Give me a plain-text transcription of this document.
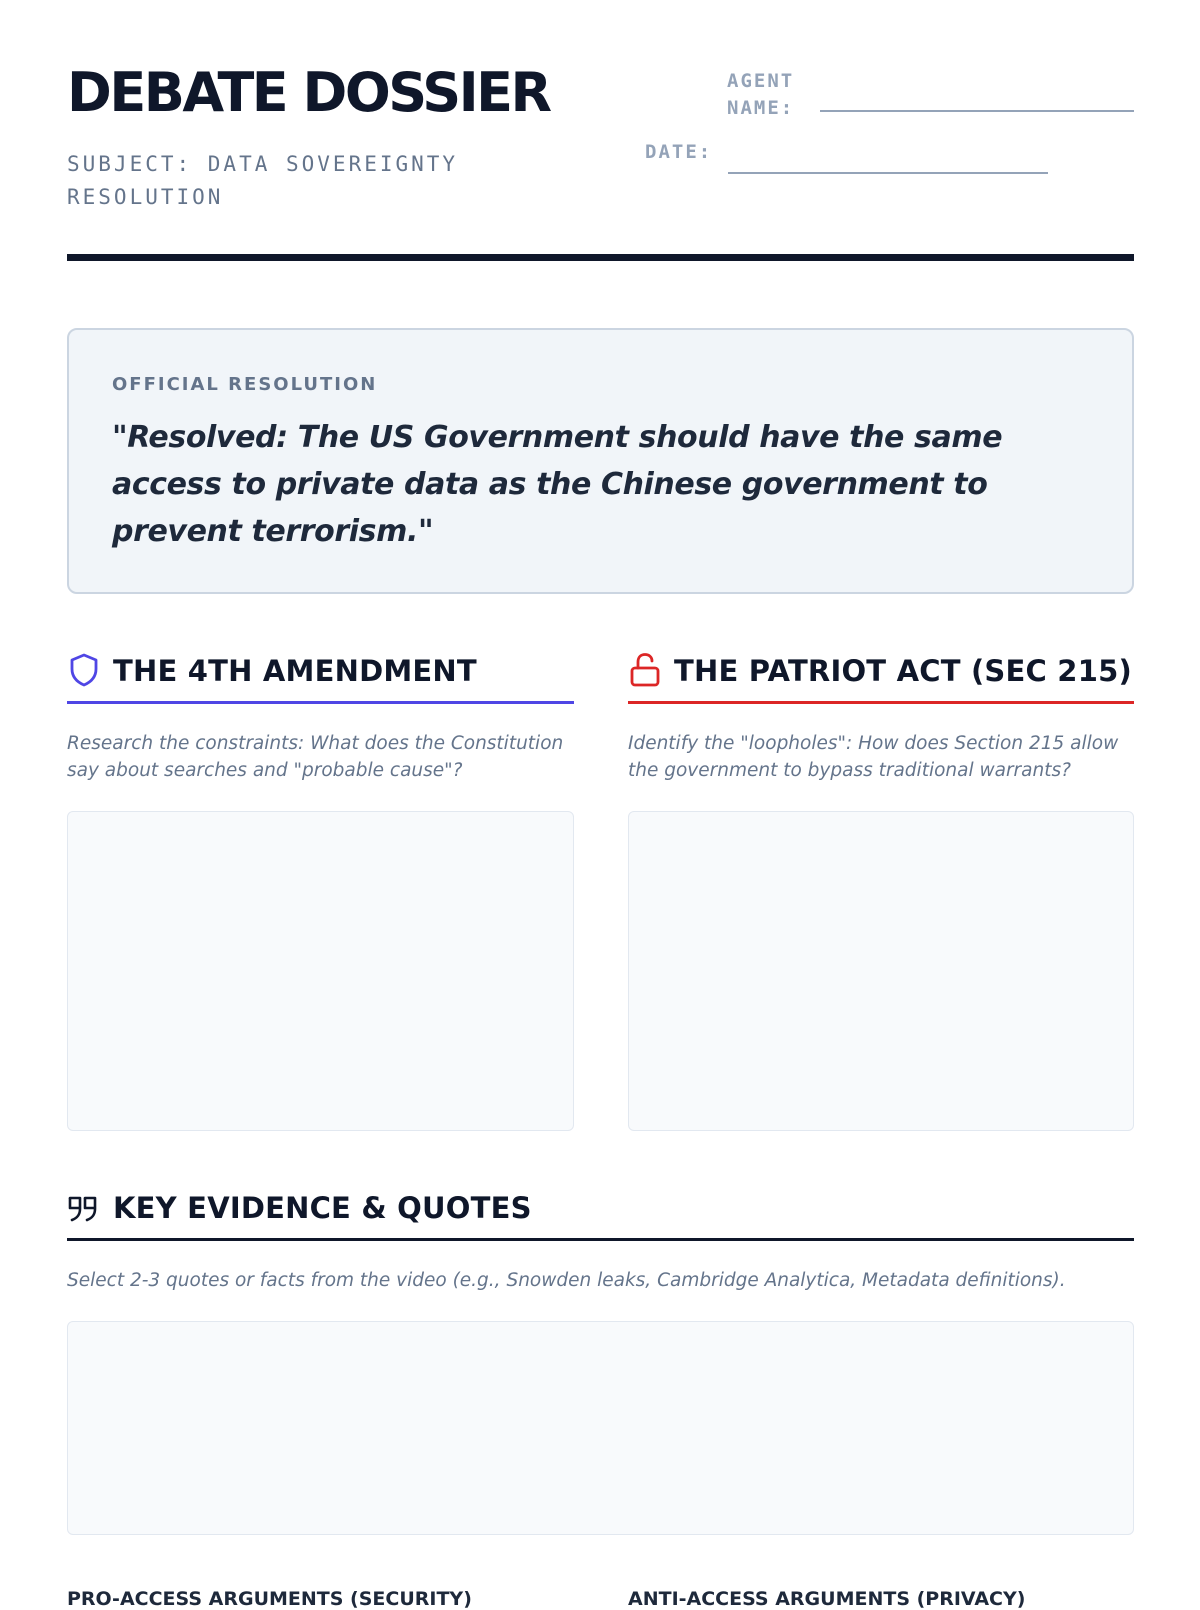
DEBATE DOSSIER
SUBJECT: DATA SOVEREIGNTY RESOLUTION
AGENT NAME:
DATE:
OFFICIAL RESOLUTION

"Resolved: The US Government should have the same access to private data as the Chinese government to prevent terrorism."

THE 4TH AMENDMENT

Research the constraints: What does the Constitution say about searches and "probable cause"?

THE PATRIOT ACT (SEC 215)

Identify the "loopholes": How does Section 215 allow the government to bypass traditional warrants?

KEY EVIDENCE & QUOTES

Select 2-3 quotes or facts from the video (e.g., Snowden leaks, Cambridge Analytica, Metadata definitions).

PRO-ACCESS ARGUMENTS (SECURITY)	ANTI-ACCESS ARGUMENTS (PRIVACY)
